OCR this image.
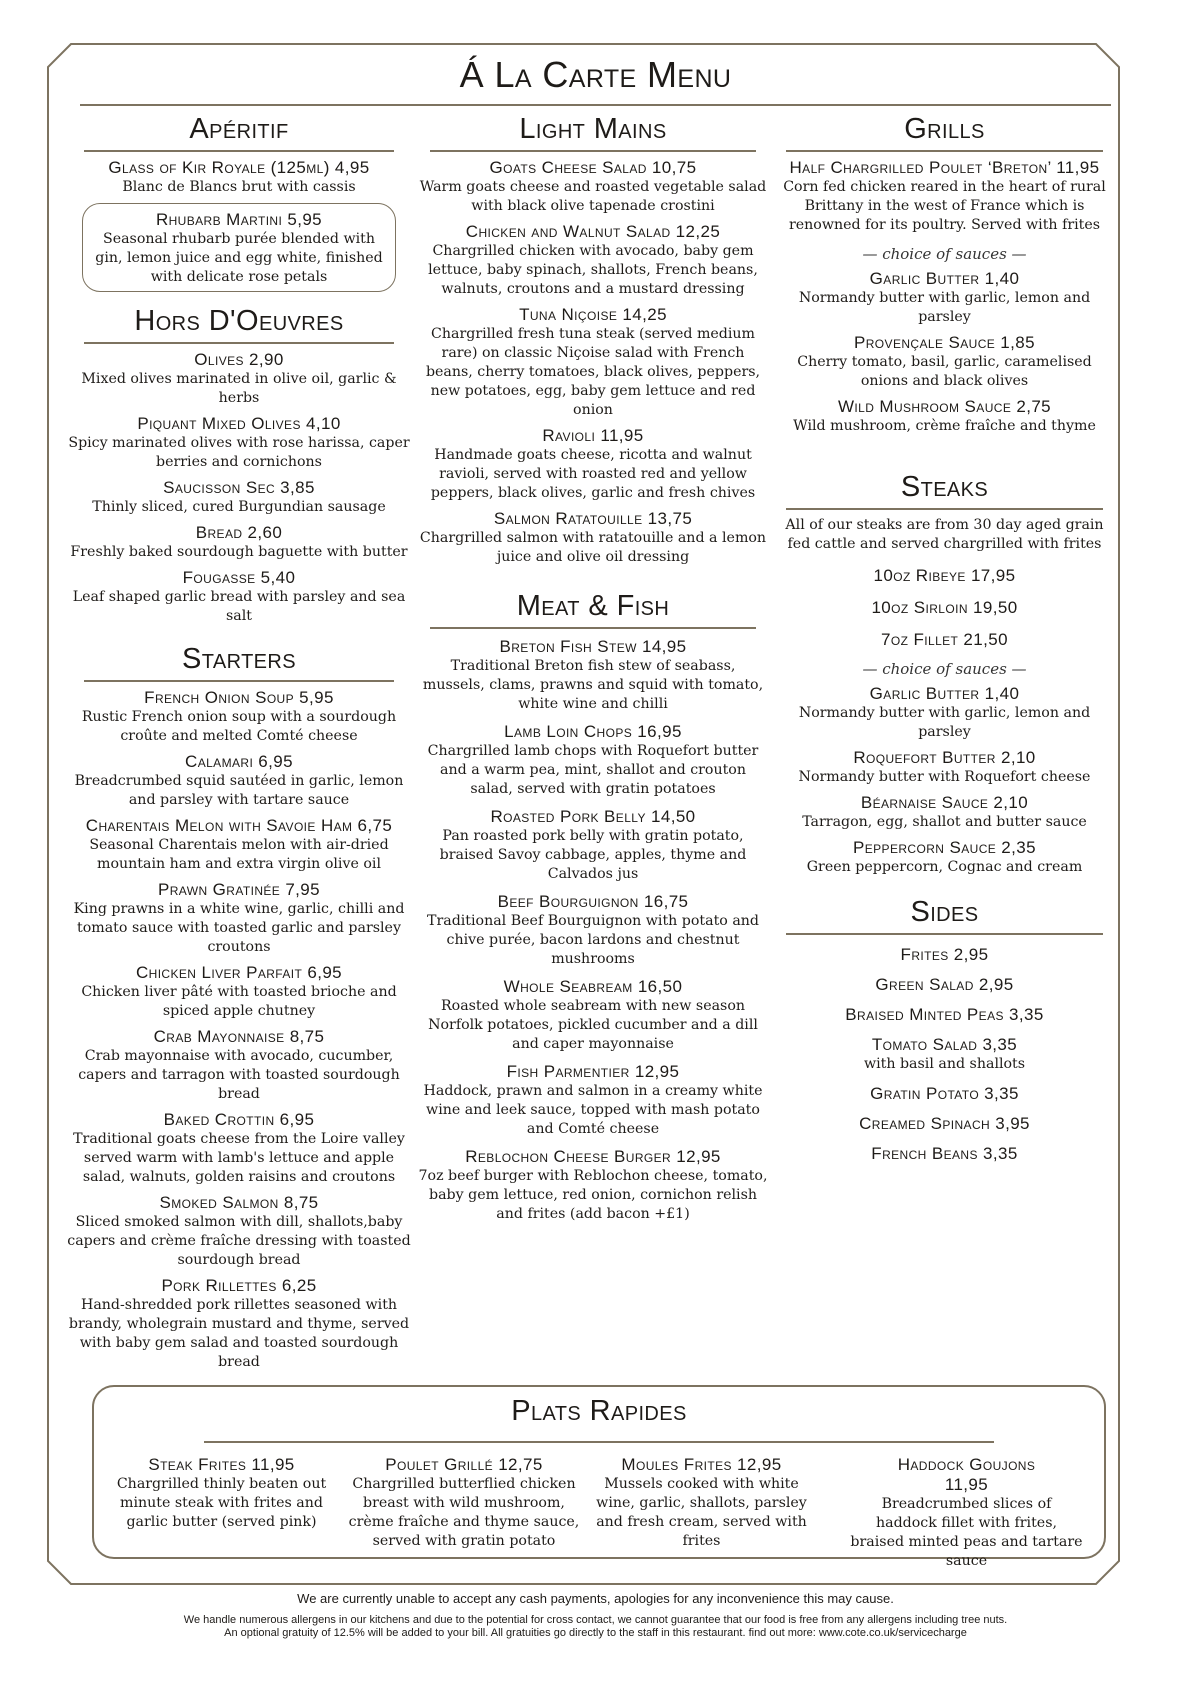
Á La Carte Menu
Apéritif
Glass of Kir Royale (125ml) 4,95
Blanc de Blancs brut with cassis
Rhubarb Martini 5,95
Seasonal rhubarb purée blended with gin, lemon juice and egg white, finished with delicate rose petals
Hors D'Oeuvres
Olives 2,90
Mixed olives marinated in olive oil, garlic & herbs
Piquant Mixed Olives 4,10
Spicy marinated olives with rose harissa, caper berries and cornichons
Saucisson Sec 3,85
Thinly sliced, cured Burgundian sausage
Bread 2,60
Freshly baked sourdough baguette with butter
Fougasse 5,40
Leaf shaped garlic bread with parsley and sea salt
Starters
French Onion Soup 5,95
Rustic French onion soup with a sourdough croûte and melted Comté cheese
Calamari 6,95
Breadcrumbed squid sautéed in garlic, lemon and parsley with tartare sauce
Charentais Melon with Savoie Ham 6,75
Seasonal Charentais melon with air-dried mountain ham and extra virgin olive oil
Prawn Gratinée 7,95
King prawns in a white wine, garlic, chilli and tomato sauce with toasted garlic and parsley croutons
Chicken Liver Parfait 6,95
Chicken liver pâté with toasted brioche and spiced apple chutney
Crab Mayonnaise 8,75
Crab mayonnaise with avocado, cucumber, capers and tarragon with toasted sourdough bread
Baked Crottin 6,95
Traditional goats cheese from the Loire valley served warm with lamb's lettuce and apple salad, walnuts, golden raisins and croutons
Smoked Salmon 8,75
Sliced smoked salmon with dill, shallots,baby capers and crème fraîche dressing with toasted sourdough bread
Pork Rillettes 6,25
Hand-shredded pork rillettes seasoned with brandy, wholegrain mustard and thyme, served with baby gem salad and toasted sourdough bread
Light Mains
Goats Cheese Salad 10,75
Warm goats cheese and roasted vegetable salad with black olive tapenade crostini
Chicken and Walnut Salad 12,25
Chargrilled chicken with avocado, baby gem lettuce, baby spinach, shallots, French beans, walnuts, croutons and a mustard dressing
Tuna Niçoise 14,25
Chargrilled fresh tuna steak (served medium rare) on classic Niçoise salad with French beans, cherry tomatoes, black olives, peppers, new potatoes, egg, baby gem lettuce and red onion
Ravioli 11,95
Handmade goats cheese, ricotta and walnut ravioli, served with roasted red and yellow peppers, black olives, garlic and fresh chives
Salmon Ratatouille 13,75
Chargrilled salmon with ratatouille and a lemon juice and olive oil dressing
Meat & Fish
Breton Fish Stew 14,95
Traditional Breton fish stew of seabass, mussels, clams, prawns and squid with tomato, white wine and chilli
Lamb Loin Chops 16,95
Chargrilled lamb chops with Roquefort butter and a warm pea, mint, shallot and crouton salad, served with gratin potatoes
Roasted Pork Belly 14,50
Pan roasted pork belly with gratin potato, braised Savoy cabbage, apples, thyme and Calvados jus
Beef Bourguignon 16,75
Traditional Beef Bourguignon with potato and chive purée, bacon lardons and chestnut mushrooms
Whole Seabream 16,50
Roasted whole seabream with new season Norfolk potatoes, pickled cucumber and a dill and caper mayonnaise
Fish Parmentier 12,95
Haddock, prawn and salmon in a creamy white wine and leek sauce, topped with mash potato and Comté cheese
Reblochon Cheese Burger 12,95
7oz beef burger with Reblochon cheese, tomato, baby gem lettuce, red onion, cornichon relish and frites (add bacon +£1)
Grills
Half Chargrilled Poulet ‘Breton’ 11,95
Corn fed chicken reared in the heart of rural Brittany in the west of France which is renowned for its poultry. Served with frites
— choice of sauces —
Garlic Butter 1,40
Normandy butter with garlic, lemon and parsley
Provençale Sauce 1,85
Cherry tomato, basil, garlic, caramelised onions and black olives
Wild Mushroom Sauce 2,75
Wild mushroom, crème fraîche and thyme
Steaks
All of our steaks are from 30 day aged grain fed cattle and served chargrilled with frites
10oz Ribeye 17,95
10oz Sirloin 19,50
7oz Fillet 21,50
— choice of sauces —
Garlic Butter 1,40
Normandy butter with garlic, lemon and parsley
Roquefort Butter 2,10
Normandy butter with Roquefort cheese
Béarnaise Sauce 2,10
Tarragon, egg, shallot and butter sauce
Peppercorn Sauce 2,35
Green peppercorn, Cognac and cream
Sides
Frites 2,95
Green Salad 2,95
Braised Minted Peas 3,35
Tomato Salad 3,35
with basil and shallots
Gratin Potato 3,35
Creamed Spinach 3,95
French Beans 3,35
Plats Rapides
Steak Frites 11,95
Chargrilled thinly beaten out minute steak with frites and garlic butter (served pink)
Poulet Grillé 12,75
Chargrilled butterflied chicken breast with wild mushroom, crème fraîche and thyme sauce, served with gratin potato
Moules Frites 12,95
Mussels cooked with white wine, garlic, shallots, parsley and fresh cream, served with frites
Haddock Goujons 11,95
Breadcrumbed slices of haddock fillet with frites, braised minted peas and tartare sauce
We are currently unable to accept any cash payments, apologies for any inconvenience this may cause.
We handle numerous allergens in our kitchens and due to the potential for cross contact, we cannot guarantee that our food is free from any allergens including tree nuts.
An optional gratuity of 12.5% will be added to your bill. All gratuities go directly to the staff in this restaurant. find out more: www.cote.co.uk/servicecharge
